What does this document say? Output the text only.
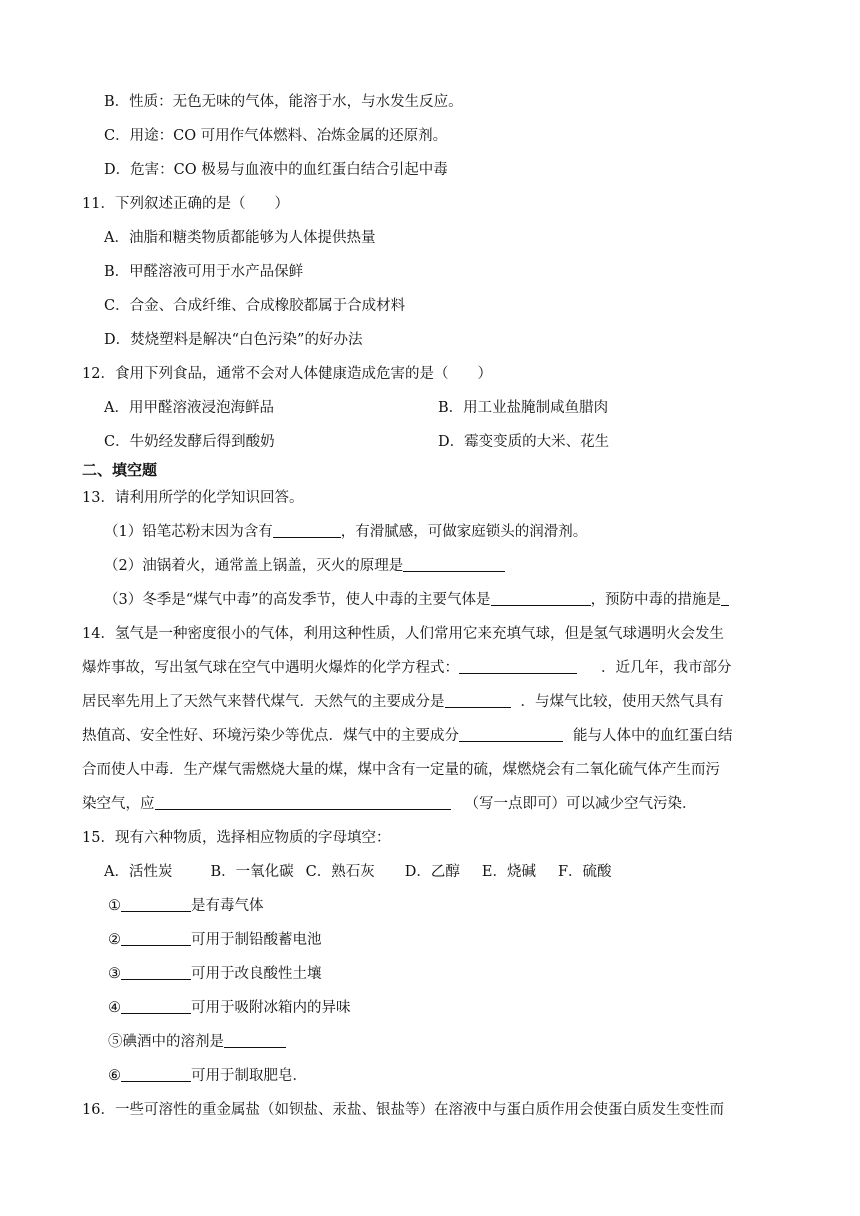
B．性质：无色无味的气体，能溶于水，与水发生反应。
C．用途：CO 可用作气体燃料、冶炼金属的还原剂。
D．危害：CO 极易与血液中的血红蛋白结合引起中毒
11．下列叙述正确的是（　　）
A．油脂和糖类物质都能够为人体提供热量
B．甲醛溶液可用于水产品保鲜
C．合金、合成纤维、合成橡胶都属于合成材料
D．焚烧塑料是解决“白色污染”的好办法
12．食用下列食品，通常不会对人体健康造成危害的是（　　）
A．用甲醛溶液浸泡海鲜品	B．用工业盐腌制咸鱼腊肉
C．牛奶经发酵后得到酸奶	D．霉变变质的大米、花生
二、填空题
13．请利用所学的化学知识回答。
（1）铅笔芯粉末因为含有	，有滑腻感，可做家庭锁头的润滑剂。
（2）油锅着火，通常盖上锅盖，灭火的原理是
（3）冬季是“煤气中毒”的高发季节，使人中毒的主要气体是	，预防中毒的措施是
14．氢气是一种密度很小的气体，利用这种性质，人们常用它来充填气球，但是氢气球遇明火会发生
爆炸事故，写出氢气球在空气中遇明火爆炸的化学方程式：	．近几年，我市部分
居民率先用上了天然气来替代煤气．天然气的主要成分是	．与煤气比较，使用天然气具有
热值高、安全性好、环境污染少等优点．煤气中的主要成分	能与人体中的血红蛋白结
合而使人中毒．生产煤气需燃烧大量的煤，煤中含有一定量的硫，煤燃烧会有二氧化硫气体产生而污
染空气，应	（写一点即可）可以减少空气污染．
15．现有六种物质，选择相应物质的字母填空：
A．活性炭	B．一氧化碳 C．熟石灰 D．乙醇 E．烧碱 F．硫酸
①	是有毒气体
②	可用于制铅酸蓄电池
③	可用于改良酸性土壤
④	可用于吸附冰箱内的异味
⑤碘酒中的溶剂是
⑥	可用于制取肥皂．
16．一些可溶性的重金属盐（如钡盐、汞盐、银盐等）在溶液中与蛋白质作用会使蛋白质发生变性而
